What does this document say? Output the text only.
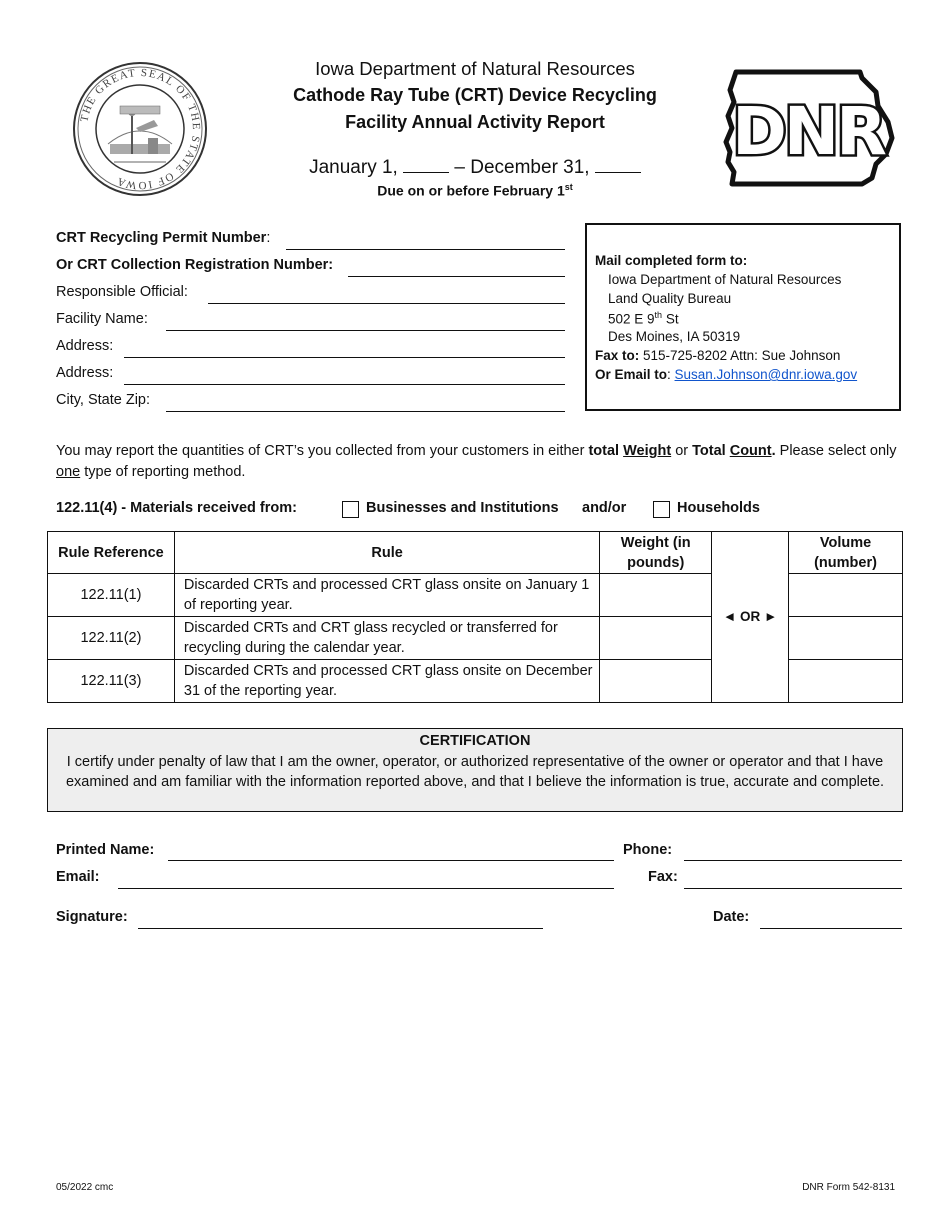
THE GREAT SEAL OF THE STATE OF IOWA
DNR
Iowa Department of Natural Resources
Cathode Ray Tube (CRT) Device Recycling
Facility Annual Activity Report
January 1,	– December 31,
Due on or before February 1st
CRT Recycling Permit Number:
Or CRT Collection Registration Number:
Responsible Official:
Facility Name:
Address:
Address:
City, State Zip:
Mail completed form to:
Iowa Department of Natural Resources
Land Quality Bureau
502 E 9th St
Des Moines, IA 50319
Fax to: 515-725-8202 Attn: Sue Johnson
Or Email to: Susan.Johnson@dnr.iowa.gov
You may report the quantities of CRT’s you collected from your customers in either total Weight or Total Count. Please select only one type of reporting method.
122.11(4) - Materials received from:	Businesses and Institutions and/or	Households
Rule Reference	Rule	Weight (in pounds)	◄ OR ►	Volume (number)
122.11(1)	Discarded CRTs and processed CRT glass onsite on January 1 of reporting year.			
122.11(2)	Discarded CRTs and CRT glass recycled or transferred for recycling during the calendar year.			
122.11(3)	Discarded CRTs and processed CRT glass onsite on December 31 of the reporting year.			
CERTIFICATION
I certify under penalty of law that I am the owner, operator, or authorized representative of the owner or operator and that I have examined and am familiar with the information reported above, and that I believe the information is true, accurate and complete.
Printed Name:	Phone:
Email:	Fax:
Signature:	Date:
05/2022 cmc	DNR Form 542-8131
